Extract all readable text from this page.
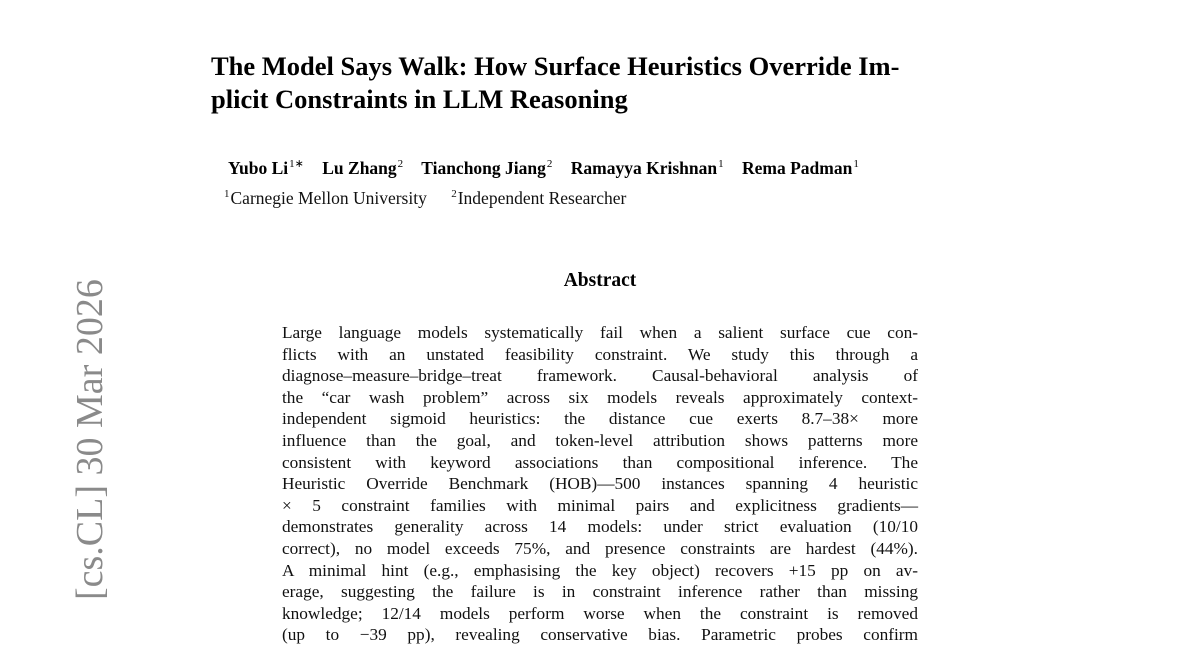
The Model Says Walk: How Surface Heuristics Override Im-
plicit Constraints in LLM Reasoning
Yubo $Li^{1∗}$ Lu Zhang$^2$ Tianchong Jiang$^2$ Ramayya Krishnan$^1$ Rema Padman$^1$
$^1$Carnegie Mellon University $^2$Independent Researcher
Abstract
Large language models systematically fail when a salient surface cue con-
flicts with an unstated feasibility constraint. We study this through a
diagnose–measure–bridge–treat framework. Causal-behavioral analysis of
the “car wash problem” across six models reveals approximately context-
independent sigmoid heuristics: the distance cue exerts 8.7–38× more
influence than the goal, and token-level attribution shows patterns more
consistent with keyword associations than compositional inference. The
Heuristic Override Benchmark (HOB)—500 instances spanning 4 heuristic
× 5 constraint families with minimal pairs and explicitness gradients—
demonstrates generality across 14 models: under strict evaluation (10/10
correct), no model exceeds 75%, and presence constraints are hardest (44%).
A minimal hint (e.g., emphasising the key object) recovers +15 pp on av-
erage, suggesting the failure is in constraint inference rather than missing
knowledge; 12/14 models perform worse when the constraint is removed
(up to −39 pp), revealing conservative bias. Parametric probes confirm
[cs.CL] 30 Mar 2026
